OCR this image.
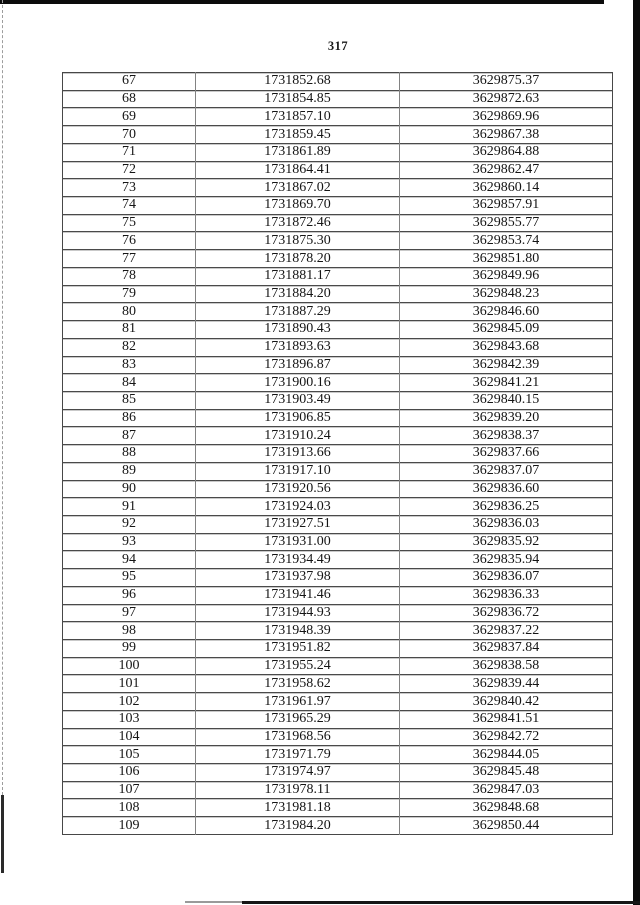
317
67	1731852.68	3629875.37
68	1731854.85	3629872.63
69	1731857.10	3629869.96
70	1731859.45	3629867.38
71	1731861.89	3629864.88
72	1731864.41	3629862.47
73	1731867.02	3629860.14
74	1731869.70	3629857.91
75	1731872.46	3629855.77
76	1731875.30	3629853.74
77	1731878.20	3629851.80
78	1731881.17	3629849.96
79	1731884.20	3629848.23
80	1731887.29	3629846.60
81	1731890.43	3629845.09
82	1731893.63	3629843.68
83	1731896.87	3629842.39
84	1731900.16	3629841.21
85	1731903.49	3629840.15
86	1731906.85	3629839.20
87	1731910.24	3629838.37
88	1731913.66	3629837.66
89	1731917.10	3629837.07
90	1731920.56	3629836.60
91	1731924.03	3629836.25
92	1731927.51	3629836.03
93	1731931.00	3629835.92
94	1731934.49	3629835.94
95	1731937.98	3629836.07
96	1731941.46	3629836.33
97	1731944.93	3629836.72
98	1731948.39	3629837.22
99	1731951.82	3629837.84
100	1731955.24	3629838.58
101	1731958.62	3629839.44
102	1731961.97	3629840.42
103	1731965.29	3629841.51
104	1731968.56	3629842.72
105	1731971.79	3629844.05
106	1731974.97	3629845.48
107	1731978.11	3629847.03
108	1731981.18	3629848.68
109	1731984.20	3629850.44
